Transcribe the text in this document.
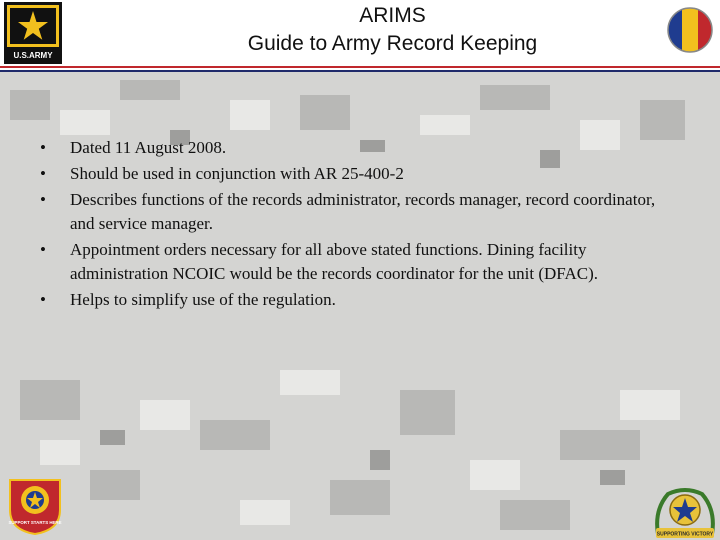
U.S.ARMY
ARIMS
Guide to Army Record Keeping
• Dated 11 August 2008.
• Should be used in conjunction with AR 25-400-2
• Describes functions of the records administrator, records manager, record coordinator, and service manager.
• Appointment orders necessary for all above stated functions. Dining facility administration NCOIC would be the records coordinator for the unit (DFAC).
• Helps to simplify use of the regulation.
SUPPORT STARTS HERE
SUPPORTING VICTORY
